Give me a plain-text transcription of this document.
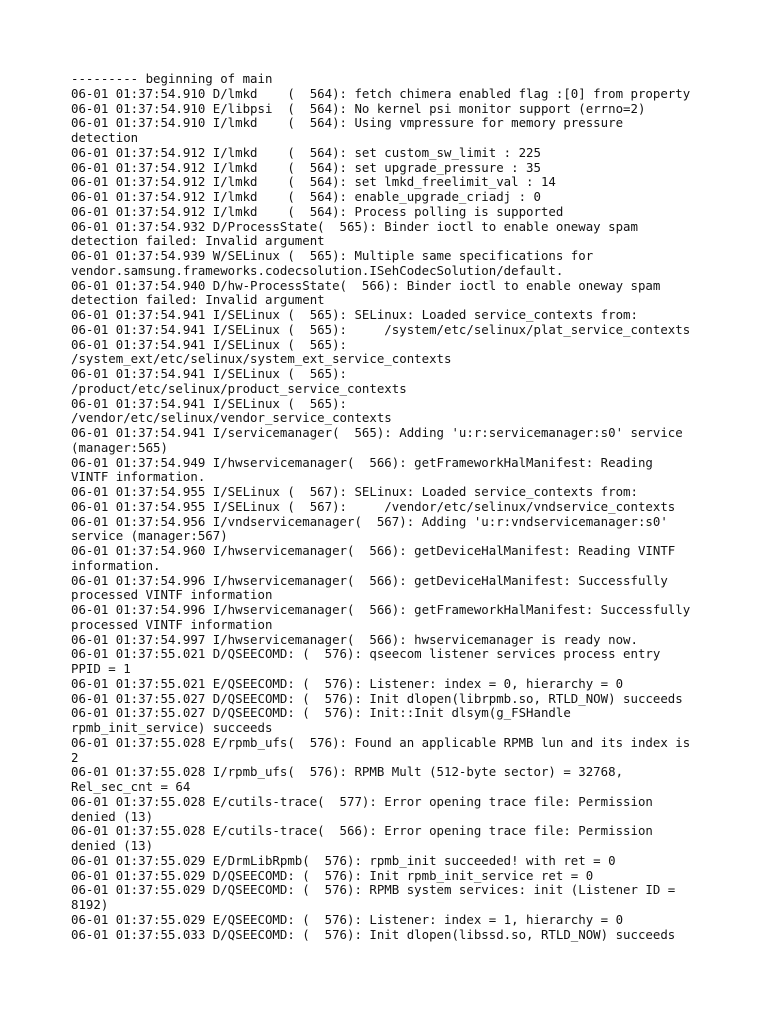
--------- beginning of main
06-01 01:37:54.910 D/lmkd    (  564): fetch chimera enabled flag :[0] from property
06-01 01:37:54.910 E/libpsi  (  564): No kernel psi monitor support (errno=2)
06-01 01:37:54.910 I/lmkd    (  564): Using vmpressure for memory pressure
detection
06-01 01:37:54.912 I/lmkd    (  564): set custom_sw_limit : 225
06-01 01:37:54.912 I/lmkd    (  564): set upgrade_pressure : 35
06-01 01:37:54.912 I/lmkd    (  564): set lmkd_freelimit_val : 14
06-01 01:37:54.912 I/lmkd    (  564): enable_upgrade_criadj : 0
06-01 01:37:54.912 I/lmkd    (  564): Process polling is supported
06-01 01:37:54.932 D/ProcessState(  565): Binder ioctl to enable oneway spam
detection failed: Invalid argument
06-01 01:37:54.939 W/SELinux (  565): Multiple same specifications for
vendor.samsung.frameworks.codecsolution.ISehCodecSolution/default.
06-01 01:37:54.940 D/hw-ProcessState(  566): Binder ioctl to enable oneway spam
detection failed: Invalid argument
06-01 01:37:54.941 I/SELinux (  565): SELinux: Loaded service_contexts from:
06-01 01:37:54.941 I/SELinux (  565):     /system/etc/selinux/plat_service_contexts
06-01 01:37:54.941 I/SELinux (  565):
/system_ext/etc/selinux/system_ext_service_contexts
06-01 01:37:54.941 I/SELinux (  565):
/product/etc/selinux/product_service_contexts
06-01 01:37:54.941 I/SELinux (  565):
/vendor/etc/selinux/vendor_service_contexts
06-01 01:37:54.941 I/servicemanager(  565): Adding 'u:r:servicemanager:s0' service
(manager:565)
06-01 01:37:54.949 I/hwservicemanager(  566): getFrameworkHalManifest: Reading
VINTF information.
06-01 01:37:54.955 I/SELinux (  567): SELinux: Loaded service_contexts from:
06-01 01:37:54.955 I/SELinux (  567):     /vendor/etc/selinux/vndservice_contexts
06-01 01:37:54.956 I/vndservicemanager(  567): Adding 'u:r:vndservicemanager:s0'
service (manager:567)
06-01 01:37:54.960 I/hwservicemanager(  566): getDeviceHalManifest: Reading VINTF
information.
06-01 01:37:54.996 I/hwservicemanager(  566): getDeviceHalManifest: Successfully
processed VINTF information
06-01 01:37:54.996 I/hwservicemanager(  566): getFrameworkHalManifest: Successfully
processed VINTF information
06-01 01:37:54.997 I/hwservicemanager(  566): hwservicemanager is ready now.
06-01 01:37:55.021 D/QSEECOMD: (  576): qseecom listener services process entry
PPID = 1
06-01 01:37:55.021 E/QSEECOMD: (  576): Listener: index = 0, hierarchy = 0
06-01 01:37:55.027 D/QSEECOMD: (  576): Init dlopen(librpmb.so, RTLD_NOW) succeeds
06-01 01:37:55.027 D/QSEECOMD: (  576): Init::Init dlsym(g_FSHandle
rpmb_init_service) succeeds
06-01 01:37:55.028 E/rpmb_ufs(  576): Found an applicable RPMB lun and its index is
2
06-01 01:37:55.028 I/rpmb_ufs(  576): RPMB Mult (512-byte sector) = 32768,
Rel_sec_cnt = 64
06-01 01:37:55.028 E/cutils-trace(  577): Error opening trace file: Permission
denied (13)
06-01 01:37:55.028 E/cutils-trace(  566): Error opening trace file: Permission
denied (13)
06-01 01:37:55.029 E/DrmLibRpmb(  576): rpmb_init succeeded! with ret = 0
06-01 01:37:55.029 D/QSEECOMD: (  576): Init rpmb_init_service ret = 0
06-01 01:37:55.029 D/QSEECOMD: (  576): RPMB system services: init (Listener ID =
8192)
06-01 01:37:55.029 E/QSEECOMD: (  576): Listener: index = 1, hierarchy = 0
06-01 01:37:55.033 D/QSEECOMD: (  576): Init dlopen(libssd.so, RTLD_NOW) succeeds
